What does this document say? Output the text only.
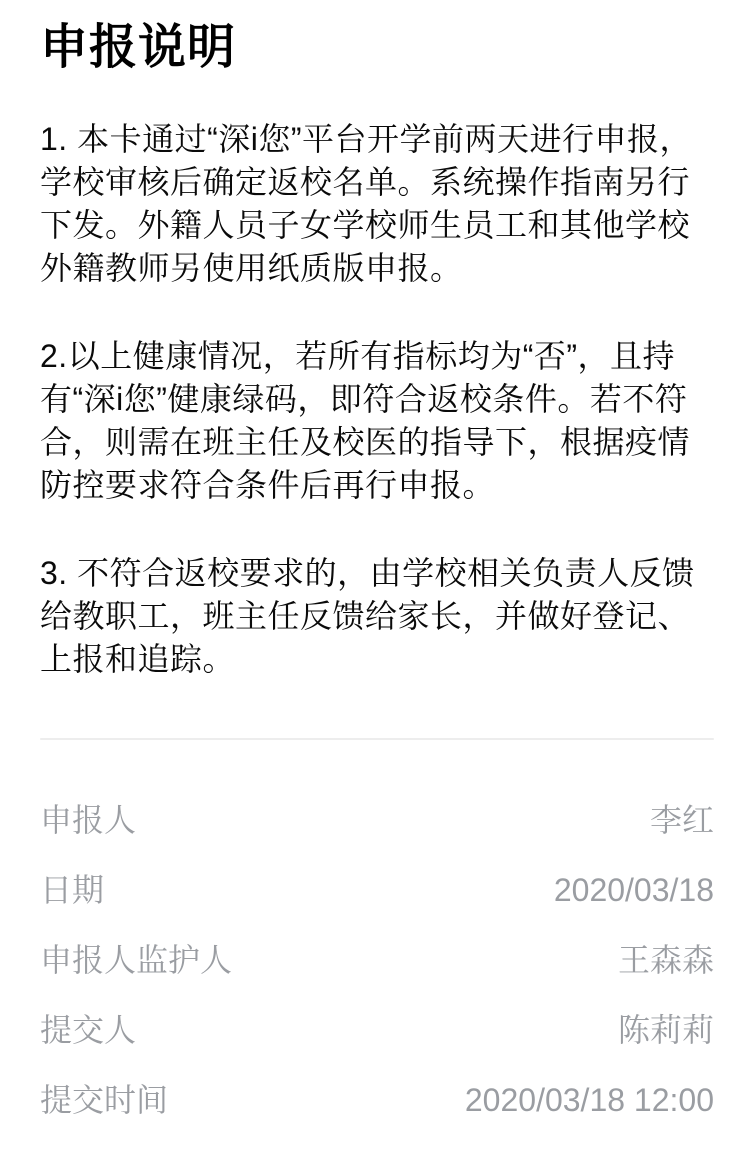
申报说明

1. 本卡通过“深i您”平台开学前两天进行申报，学校审核后确定返校名单。系统操作指南另行下发。外籍人员子女学校师生员工和其他学校外籍教师另使用纸质版申报。

2.以上健康情况，若所有指标均为“否”，且持有“深i您”健康绿码，即符合返校条件。若不符合，则需在班主任及校医的指导下，根据疫情防控要求符合条件后再行申报。

3. 不符合返校要求的，由学校相关负责人反馈给教职工，班主任反馈给家长，并做好登记、上报和追踪。

申报人	李红
日期	2020/03/18
申报人监护人	王森森
提交人	陈莉莉
提交时间	2020/03/18 12:00
